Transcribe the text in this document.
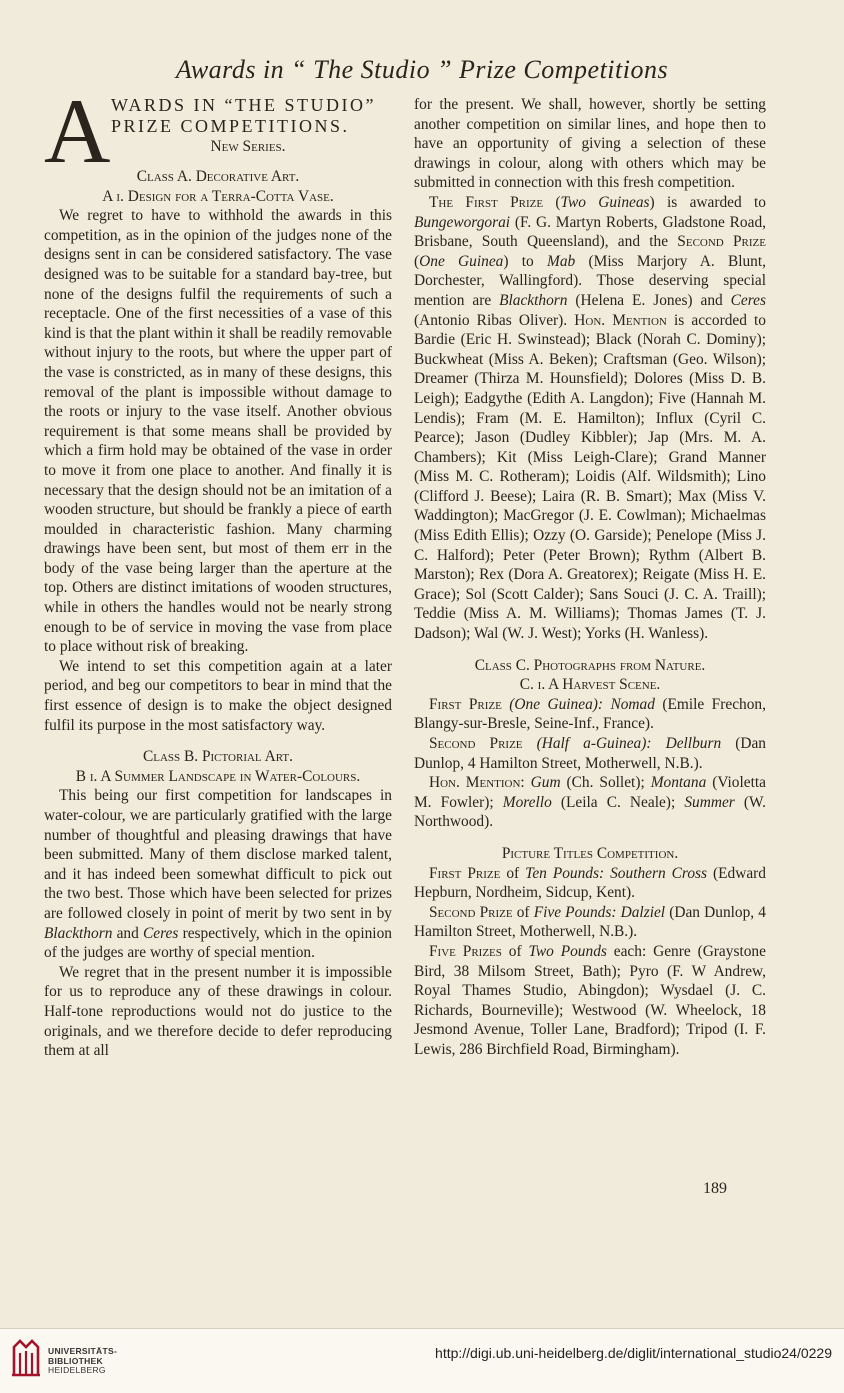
Awards in “ The Studio ” Prize Competitions
A WARDS IN “THE STUDIO”
PRIZE COMPETITIONS.

New Series.

Class A. Decorative Art.

A i. Design for a Terra-Cotta Vase.

We regret to have to withhold the awards in this competition, as in the opinion of the judges none of the designs sent in can be considered satisfactory. The vase designed was to be suitable for a standard bay-tree, but none of the designs fulfil the requirements of such a receptacle. One of the first necessities of a vase of this kind is that the plant within it shall be readily removable without injury to the roots, but where the upper part of the vase is constricted, as in many of these designs, this removal of the plant is impossible without damage to the roots or injury to the vase itself. Another obvious requirement is that some means shall be provided by which a firm hold may be obtained of the vase in order to move it from one place to another. And finally it is necessary that the design should not be an imitation of a wooden structure, but should be frankly a piece of earth moulded in characteristic fashion. Many charming drawings have been sent, but most of them err in the body of the vase being larger than the aperture at the top. Others are distinct imitations of wooden structures, while in others the handles would not be nearly strong enough to be of service in moving the vase from place to place without risk of breaking.

We intend to set this competition again at a later period, and beg our competitors to bear in mind that the first essence of design is to make the object designed fulfil its purpose in the most satisfactory way.

Class B. Pictorial Art.

B i. A Summer Landscape in Water-Colours.

This being our first competition for landscapes in water-colour, we are particularly gratified with the large number of thoughtful and pleasing drawings that have been submitted. Many of them disclose marked talent, and it has indeed been somewhat difficult to pick out the two best. Those which have been selected for prizes are followed closely in point of merit by two sent in by Blackthorn and Ceres respectively, which in the opinion of the judges are worthy of special mention.

We regret that in the present number it is impossible for us to reproduce any of these drawings in colour. Half-tone reproductions would not do justice to the originals, and we therefore decide to defer reproducing them at all

for the present. We shall, however, shortly be setting another competition on similar lines, and hope then to have an opportunity of giving a selection of these drawings in colour, along with others which may be submitted in connection with this fresh competition.

The First Prize (Two Guineas) is awarded to Bungeworgorai (F. G. Martyn Roberts, Gladstone Road, Brisbane, South Queensland), and the Second Prize (One Guinea) to Mab (Miss Marjory A. Blunt, Dorchester, Wallingford). Those deserving special mention are Blackthorn (Helena E. Jones) and Ceres (Antonio Ribas Oliver). Hon. Mention is accorded to Bardie (Eric H. Swinstead); Black (Norah C. Dominy); Buckwheat (Miss A. Beken); Craftsman (Geo. Wilson); Dreamer (Thirza M. Hounsfield); Dolores (Miss D. B. Leigh); Eadgythe (Edith A. Langdon); Five (Hannah M. Lendis); Fram (M. E. Hamilton); Influx (Cyril C. Pearce); Jason (Dudley Kibbler); Jap (Mrs. M. A. Chambers); Kit (Miss Leigh-Clare); Grand Manner (Miss M. C. Rotheram); Loidis (Alf. Wildsmith); Lino (Clifford J. Beese); Laira (R. B. Smart); Max (Miss V. Waddington); MacGregor (J. E. Cowlman); Michaelmas (Miss Edith Ellis); Ozzy (O. Garside); Penelope (Miss J. C. Halford); Peter (Peter Brown); Rythm (Albert B. Marston); Rex (Dora A. Greatorex); Reigate (Miss H. E. Grace); Sol (Scott Calder); Sans Souci (J. C. A. Traill); Teddie (Miss A. M. Williams); Thomas James (T. J. Dadson); Wal (W. J. West); Yorks (H. Wanless).

Class C. Photographs from Nature.

C. i. A Harvest Scene.

First Prize (One Guinea): Nomad (Emile Frechon, Blangy-sur-Bresle, Seine-Inf., France).

Second Prize (Half a-Guinea): Dellburn (Dan Dunlop, 4 Hamilton Street, Motherwell, N.B.).

Hon. Mention: Gum (Ch. Sollet); Montana (Violetta M. Fowler); Morello (Leila C. Neale); Summer (W. Northwood).

Picture Titles Competition.

First Prize of Ten Pounds: Southern Cross (Edward Hepburn, Nordheim, Sidcup, Kent).

Second Prize of Five Pounds: Dalziel (Dan Dunlop, 4 Hamilton Street, Motherwell, N.B.).

Five Prizes of Two Pounds each: Genre (Graystone Bird, 38 Milsom Street, Bath); Pyro (F. W Andrew, Royal Thames Studio, Abingdon); Wysdael (J. C. Richards, Bourneville); Westwood (W. Wheelock, 18 Jesmond Avenue, Toller Lane, Bradford); Tripod (I. F. Lewis, 286 Birchfield Road, Birmingham).

189
UNIVERSITÄTS-
BIBLIOTHEK
HEIDELBERG
http://digi.ub.uni-heidelberg.de/diglit/international_studio24/0229
